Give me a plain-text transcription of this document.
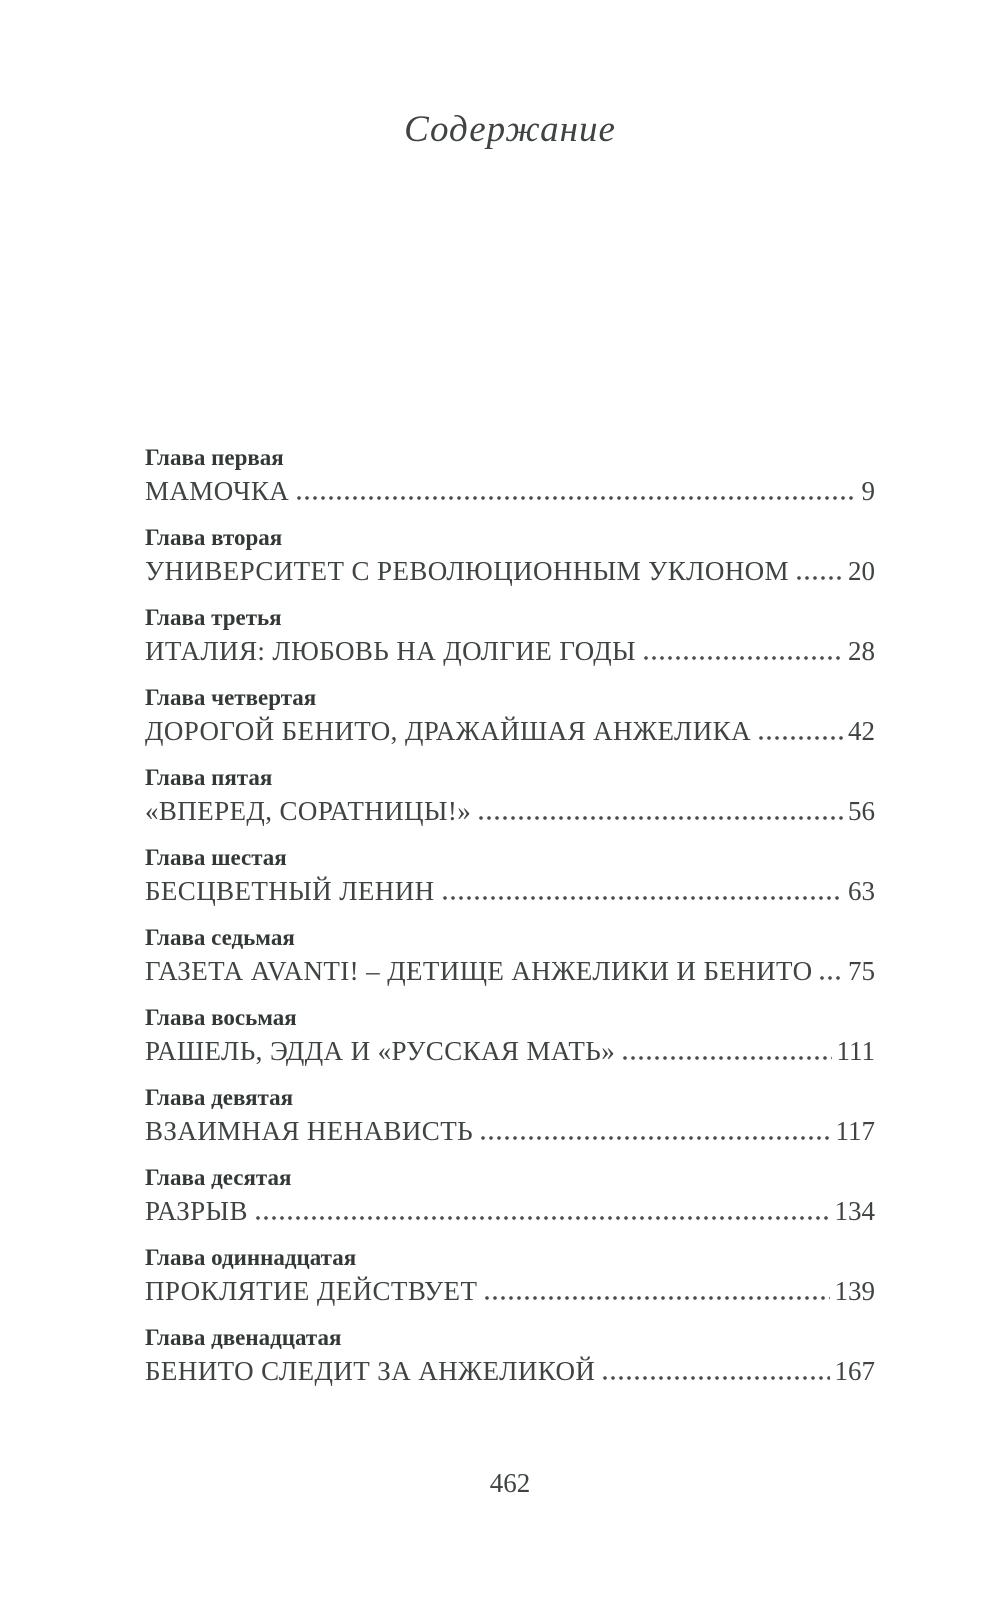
Содержание
Глава первая
МАМОЧКА	9
Глава вторая
УНИВЕРСИТЕТ С РЕВОЛЮЦИОННЫМ УКЛОНОМ 20
Глава третья
ИТАЛИЯ: ЛЮБОВЬ НА ДОЛГИЕ ГОДЫ	28
Глава четвертая
ДОРОГОЙ БЕНИТО, ДРАЖАЙШАЯ АНЖЕЛИКА	42
Глава пятая
«ВПЕРЕД, СОРАТНИЦЫ!»	56
Глава шестая
БЕСЦВЕТНЫЙ ЛЕНИН	63
Глава седьмая
ГАЗЕТА AVANTI! – ДЕТИЩЕ АНЖЕЛИКИ И БЕНИТО 75
Глава восьмая
РАШЕЛЬ, ЭДДА И «РУССКАЯ МАТЬ»	111
Глава девятая
ВЗАИМНАЯ НЕНАВИСТЬ	117
Глава десятая
РАЗРЫВ	134
Глава одиннадцатая
ПРОКЛЯТИЕ ДЕЙСТВУЕТ	139
Глава двенадцатая
БЕНИТО СЛЕДИТ ЗА АНЖЕЛИКОЙ	167
462
